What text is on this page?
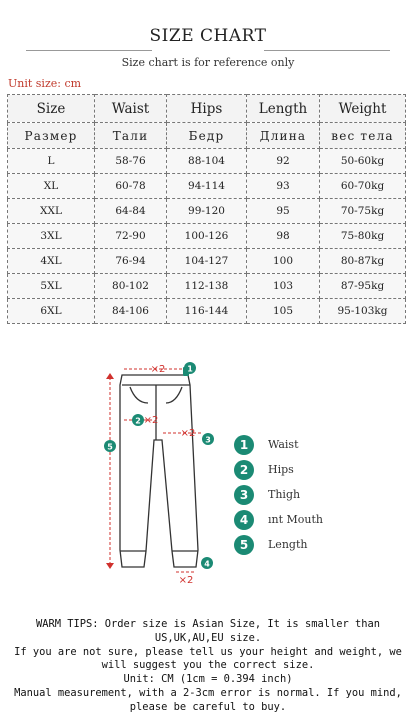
SIZE CHART
Size chart is for reference only
Unit size: cm
Size	Waist	Hips	Length	Weight
Размер	Тали	Бедр	Длина	вес тела
L	58-76	88-104	92	50-60kg
XL	60-78	94-114	93	60-70kg
XXL	64-84	99-120	95	70-75kg
3XL	72-90	100-126	98	75-80kg
4XL	76-94	104-127	100	80-87kg
5XL	80-102	112-138	103	87-95kg
6XL	84-106	116-144	105	95-103kg
1
2
3
4
5
×2
×2
×2
×2
1	Waist
2	Hips
3	Thigh
4	ınt Mouth
5	Length
WARM TIPS: Order size is Asian Size, It is smaller than US,UK,AU,EU size.
If you are not sure, please tell us your height and weight, we will suggest you the correct size.
Unit: CM (1cm = 0.394 inch)
Manual measurement, with a 2-3cm error is normal. If you mind, please be careful to buy.
